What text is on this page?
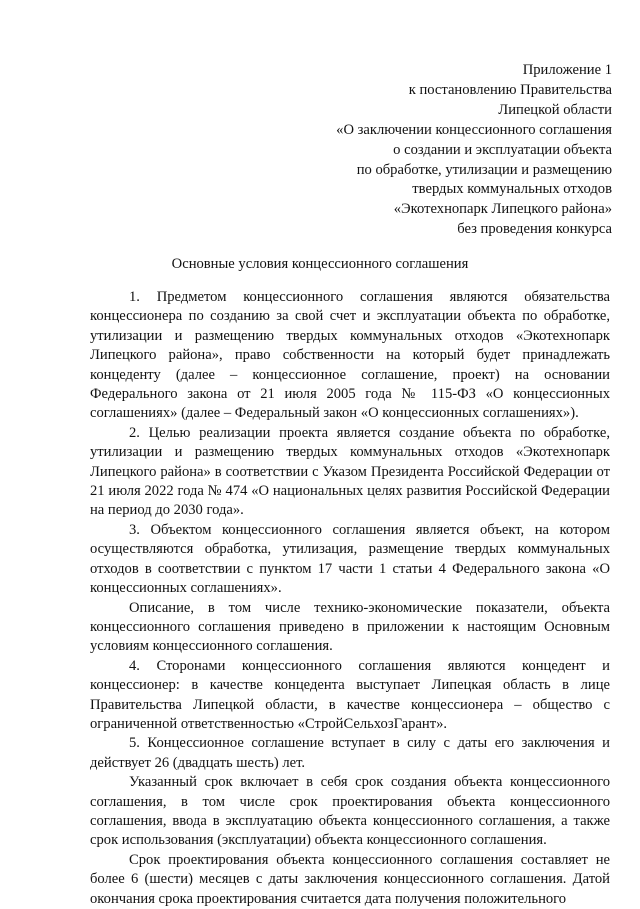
Приложение 1
к постановлению Правительства
Липецкой области
«О заключении концессионного соглашения
о создании и эксплуатации объекта
по обработке, утилизации и размещению
твердых коммунальных отходов
«Экотехнопарк Липецкого района»
без проведения конкурса
Основные условия концессионного соглашения

1. Предметом концессионного соглашения являются обязательства концессионера по созданию за свой счет и эксплуатации объекта по обработке, утилизации и размещению твердых коммунальных отходов «Экотехнопарк Липецкого района», право собственности на который будет принадлежать концеденту (далее – концессионное соглашение, проект) на основании Федерального закона от 21 июля 2005 года № 115-ФЗ «О концессионных соглашениях» (далее – Федеральный закон «О концессионных соглашениях»).

2. Целью реализации проекта является создание объекта по обработке, утилизации и размещению твердых коммунальных отходов «Экотехнопарк Липецкого района» в соответствии с Указом Президента Российской Федерации от 21 июля 2022 года № 474 «О национальных целях развития Российской Федерации на период до 2030 года».

3. Объектом концессионного соглашения является объект, на котором осуществляются обработка, утилизация, размещение твердых коммунальных отходов в соответствии с пунктом 17 части 1 статьи 4 Федерального закона «О концессионных соглашениях».

Описание, в том числе технико-экономические показатели, объекта концессионного соглашения приведено в приложении к настоящим Основным условиям концессионного соглашения.

4. Сторонами концессионного соглашения являются концедент и концессионер: в качестве концедента выступает Липецкая область в лице Правительства Липецкой области, в качестве концессионера – общество с ограниченной ответственностью «СтройСельхозГарант».

5. Концессионное соглашение вступает в силу с даты его заключения и действует 26 (двадцать шесть) лет.

Указанный срок включает в себя срок создания объекта концессионного соглашения, в том числе срок проектирования объекта концессионного соглашения, ввода в эксплуатацию объекта концессионного соглашения, а также срок использования (эксплуатации) объекта концессионного соглашения.

Срок проектирования объекта концессионного соглашения составляет не более 6 (шести) месяцев с даты заключения концессионного соглашения. Датой окончания срока проектирования считается дата получения положительного
